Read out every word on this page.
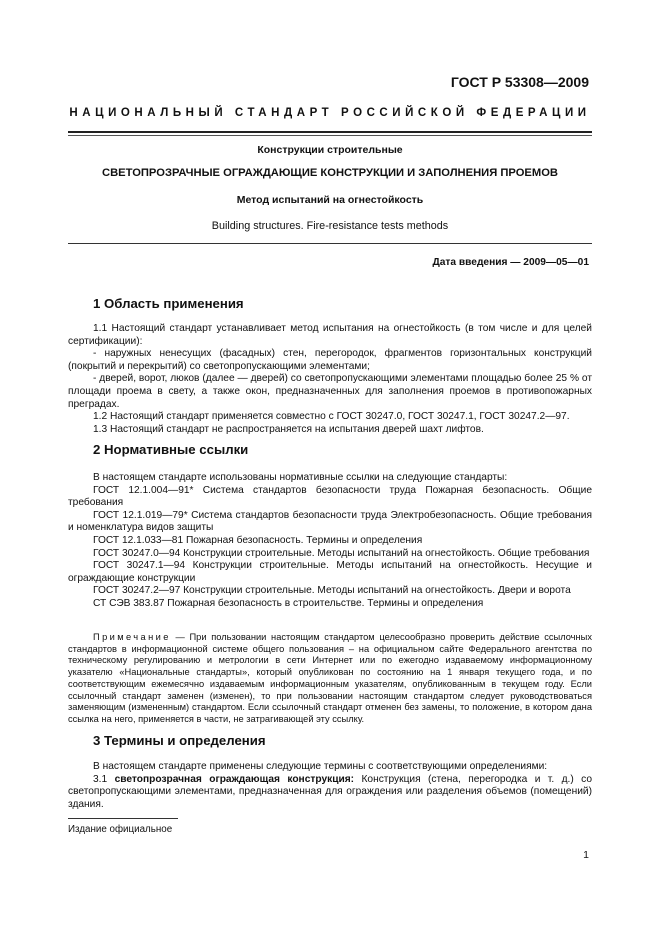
ГОСТ Р 53308—2009
НАЦИОНАЛЬНЫЙ СТАНДАРТ РОССИЙСКОЙ ФЕДЕРАЦИИ
Конструкции строительные
СВЕТОПРОЗРАЧНЫЕ ОГРАЖДАЮЩИЕ КОНСТРУКЦИИ И ЗАПОЛНЕНИЯ ПРОЕМОВ
Метод испытаний на огнестойкость
Building structures. Fire-resistance tests methods
Дата введения — 2009—05—01
1 Область применения

1.1 Настоящий стандарт устанавливает метод испытания на огнестойкость (в том числе и для целей сертификации):

- наружных ненесущих (фасадных) стен, перегородок, фрагментов горизонтальных конструкций (покрытий и перекрытий) со светопропускающими элементами;

- дверей, ворот, люков (далее — дверей) со светопропускающими элементами площадью более 25 % от площади проема в свету, а также окон, предназначенных для заполнения проемов в противопожарных преградах.

1.2 Настоящий стандарт применяется совместно с ГОСТ 30247.0, ГОСТ 30247.1, ГОСТ 30247.2—97.

1.3 Настоящий стандарт не распространяется на испытания дверей шахт лифтов.

2 Нормативные ссылки

В настоящем стандарте использованы нормативные ссылки на следующие стандарты:

ГОСТ 12.1.004—91* Система стандартов безопасности труда Пожарная безопасность. Общие требования

ГОСТ 12.1.019—79* Система стандартов безопасности труда Электробезопасность. Общие требования и номенклатура видов защиты

ГОСТ 12.1.033—81 Пожарная безопасность. Термины и определения

ГОСТ 30247.0—94 Конструкции строительные. Методы испытаний на огнестойкость. Общие требования

ГОСТ 30247.1—94 Конструкции строительные. Методы испытаний на огнестойкость. Несущие и ограждающие конструкции

ГОСТ 30247.2—97 Конструкции строительные. Методы испытаний на огнестойкость. Двери и ворота

СТ СЭВ 383.87 Пожарная безопасность в строительстве. Термины и определения

Примечание — При пользовании настоящим стандартом целесообразно проверить действие ссылочных стандартов в информационной системе общего пользования – на официальном сайте Федерального агентства по техническому регулированию и метрологии в сети Интернет или по ежегодно издаваемому информационному указателю «Национальные стандарты», который опубликован по состоянию на 1 января текущего года, и по соответствующим ежемесячно издаваемым информационным указателям, опубликованным в текущем году. Если ссылочный стандарт заменен (изменен), то при пользовании настоящим стандартом следует руководствоваться заменяющим (измененным) стандартом. Если ссылочный стандарт отменен без замены, то положение, в котором дана ссылка на него, применяется в части, не затрагивающей эту ссылку.

3 Термины и определения

В настоящем стандарте применены следующие термины с соответствующими определениями:

3.1 светопрозрачная ограждающая конструкция: Конструкция (стена, перегородка и т. д.) со светопропускающими элементами, предназначенная для ограждения или разделения объемов (помещений) здания.

Издание официальное
1
